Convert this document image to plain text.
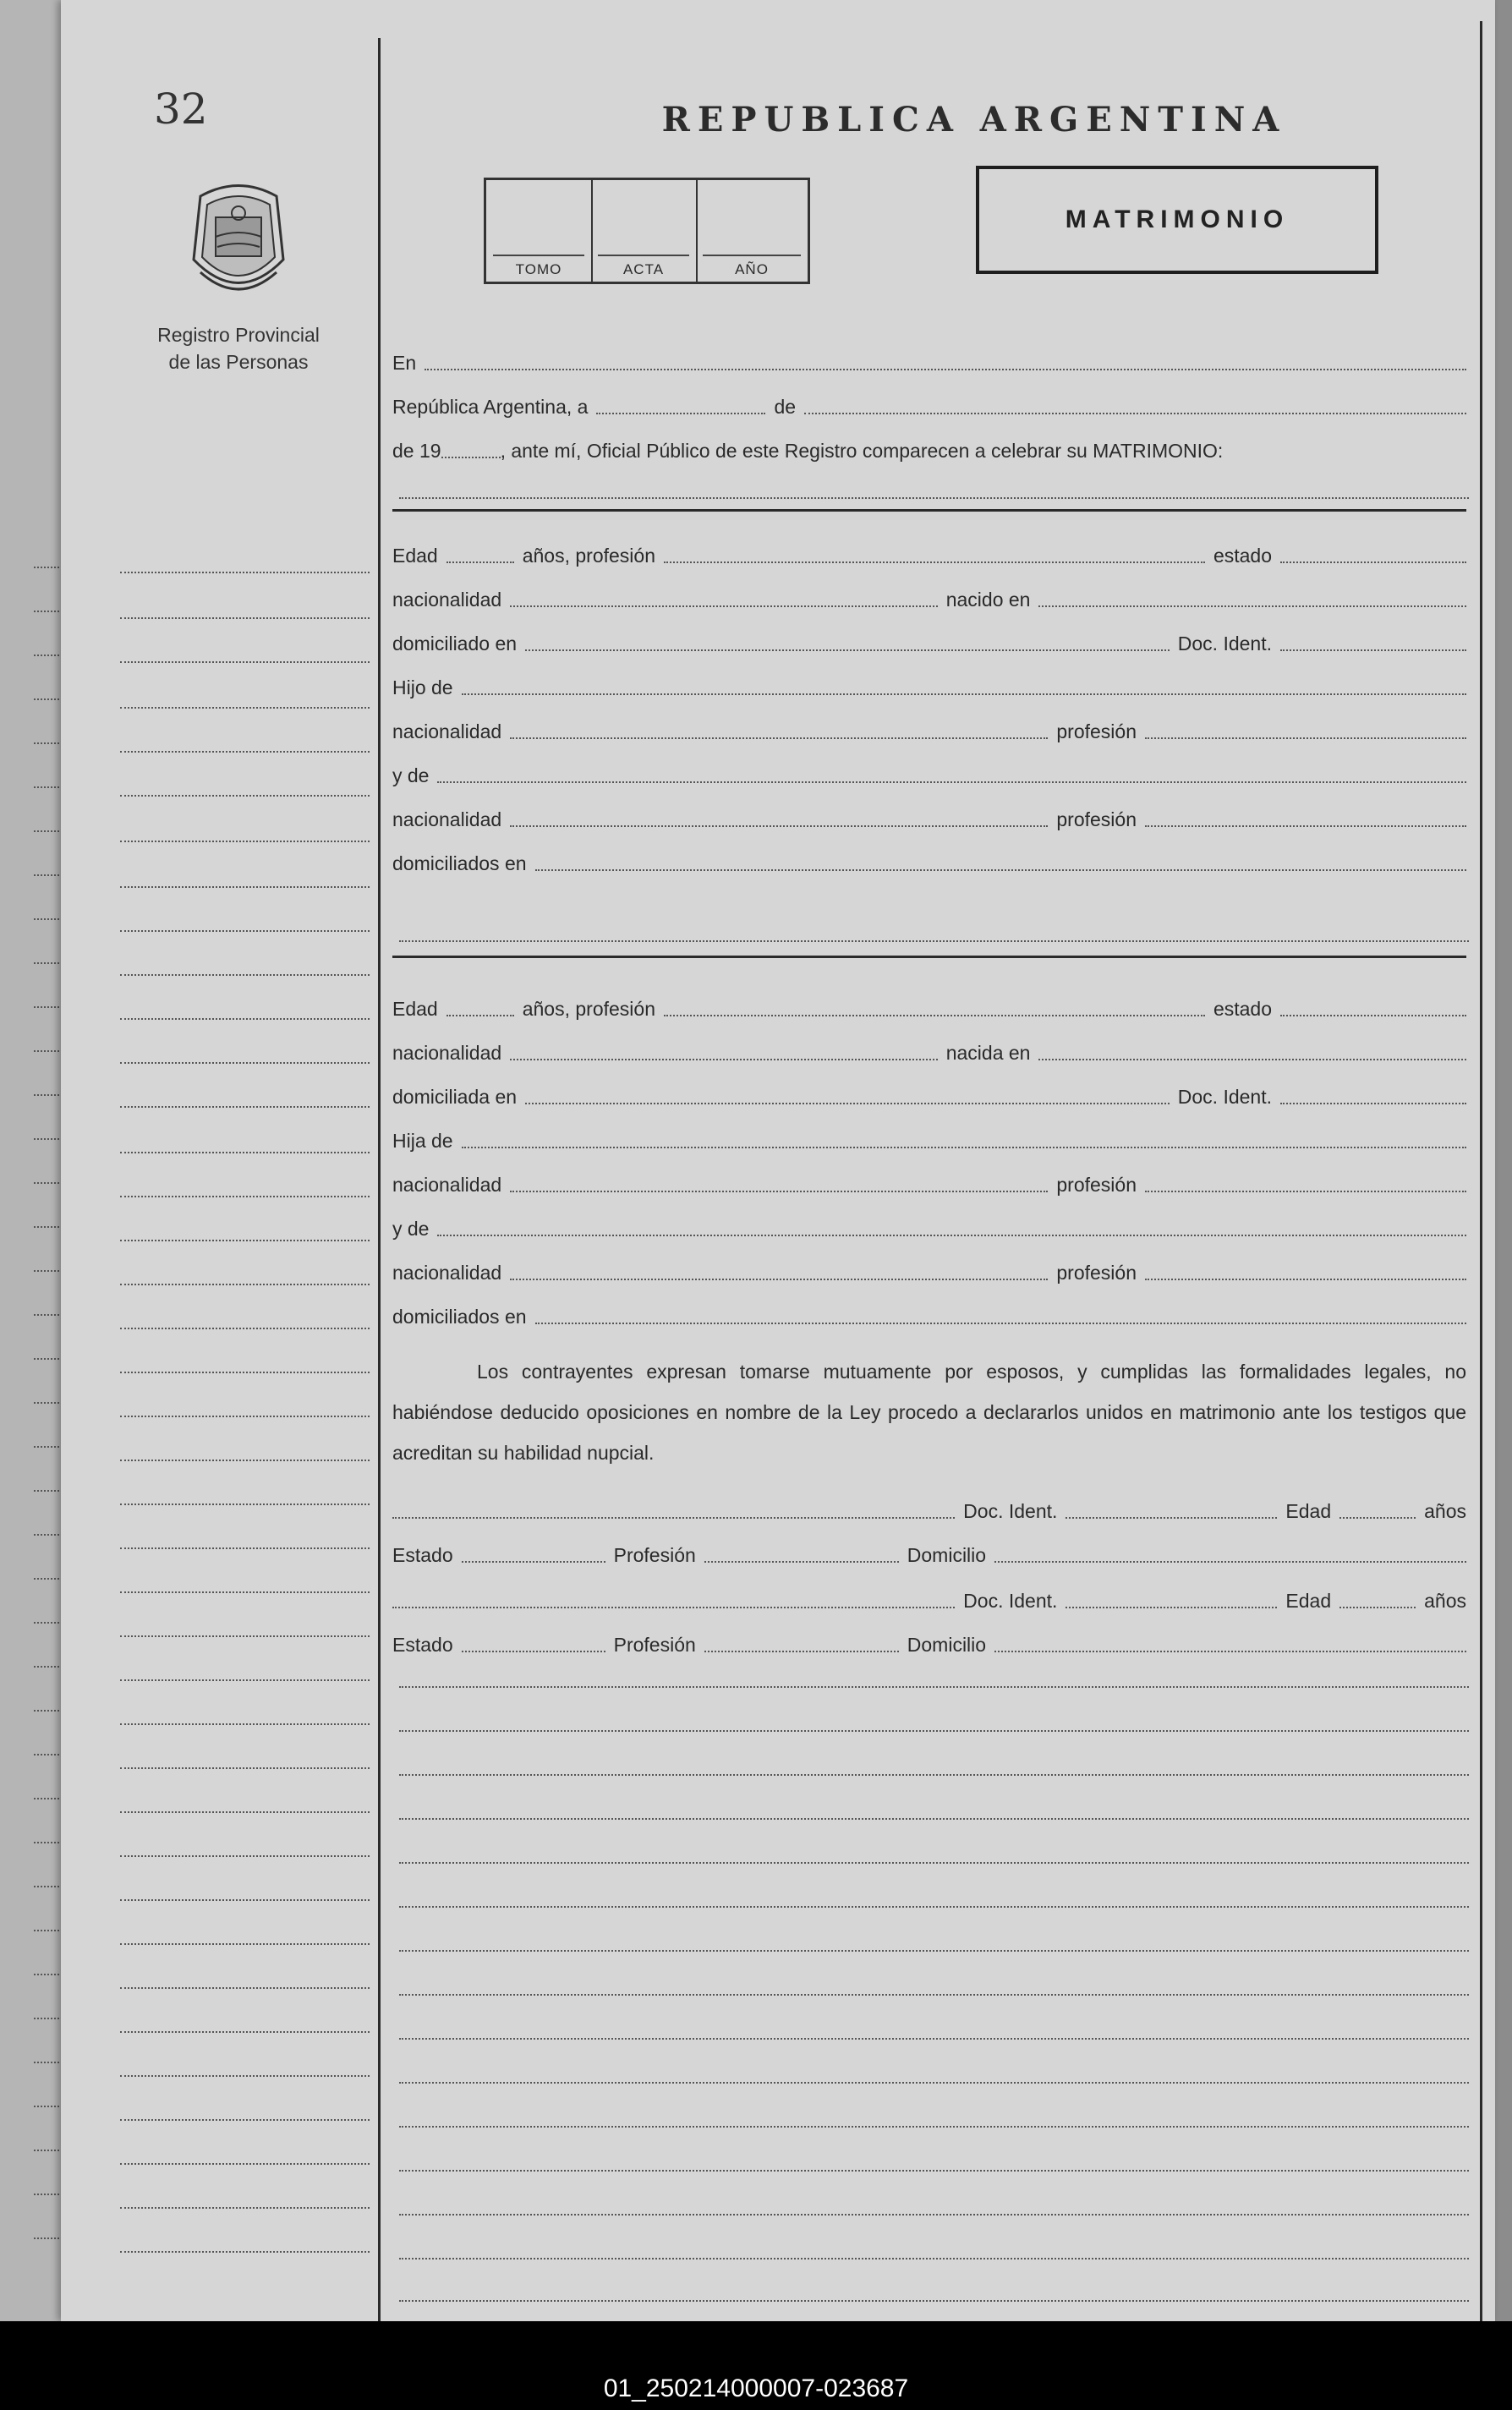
32
Registro Provincial
de las Personas
REPUBLICA ARGENTINA
TOMO	ACTA	AÑO
MATRIMONIO
En
República Argentina, a	de
de 19	, ante mí, Oficial Público de este Registro comparecen a celebrar su MATRIMONIO:
Edad	años, profesión	estado
nacionalidad	nacido en
domiciliado en	Doc. Ident.
Hijo de
nacionalidad	profesión
y de
nacionalidad	profesión
domiciliados en
Edad	años, profesión	estado
nacionalidad	nacida en
domiciliada en	Doc. Ident.
Hija de
nacionalidad	profesión
y de
nacionalidad	profesión
domiciliados en

Los contrayentes expresan tomarse mutuamente por esposos, y cumplidas las formalidades legales, no habiéndose deducido oposiciones en nombre de la Ley procedo a declararlos unidos en matrimonio ante los testigos que acreditan su habilidad nupcial.

Doc. Ident.	Edad	años
Estado	Profesión	Domicilio
Doc. Ident.	Edad	años
Estado	Profesión	Domicilio
01_250214000007-023687
